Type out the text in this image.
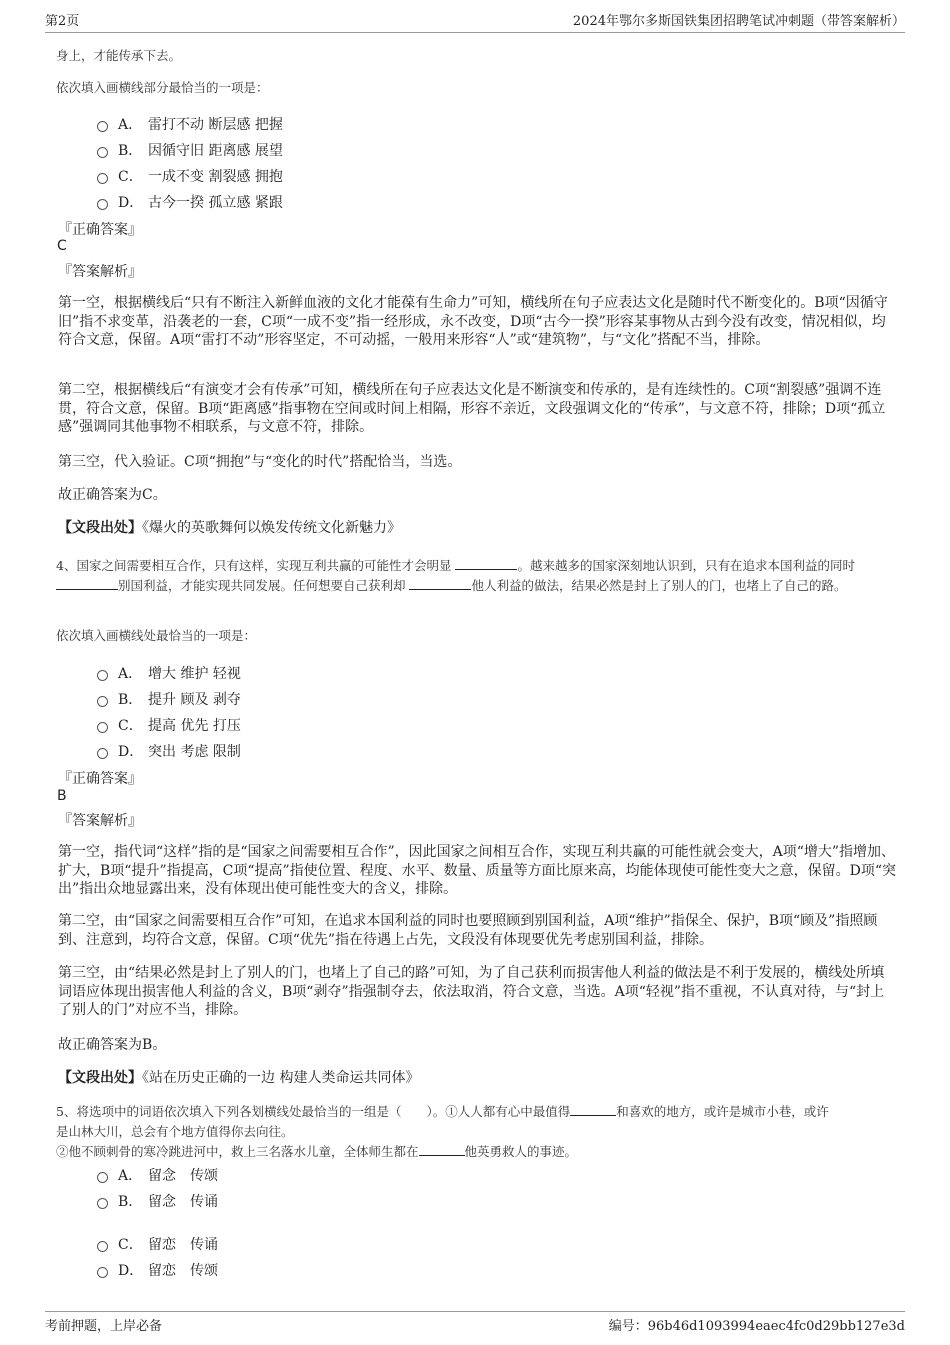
第2页	2024年鄂尔多斯国铁集团招聘笔试冲刺题（带答案解析）
身上，才能传承下去。
依次填入画横线部分最恰当的一项是：
A． 雷打不动 断层感 把握
B． 因循守旧 距离感 展望
C． 一成不变 割裂感 拥抱
D． 古今一揆 孤立感 紧跟
『正确答案』
C
『答案解析』
第一空，根据横线后“只有不断注入新鲜血液的文化才能葆有生命力”可知，横线所在句子应表达文化是随时代不断变化的。B项“因循守旧”指不求变革，沿袭老的一套，C项“一成不变”指一经形成，永不改变，D项“古今一揆”形容某事物从古到今没有改变，情况相似，均符合文意，保留。A项“雷打不动”形容坚定，不可动摇，一般用来形容“人”或“建筑物”，与“文化”搭配不当，排除。
第二空，根据横线后“有演变才会有传承”可知，横线所在句子应表达文化是不断演变和传承的，是有连续性的。C项“割裂感”强调不连贯，符合文意，保留。B项“距离感”指事物在空间或时间上相隔，形容不亲近，文段强调文化的“传承”，与文意不符，排除；D项“孤立感”强调同其他事物不相联系，与文意不符，排除。
第三空，代入验证。C项“拥抱”与“变化的时代”搭配恰当，当选。
故正确答案为C。
【文段出处】《爆火的英歌舞何以焕发传统文化新魅力》
4、国家之间需要相互合作，只有这样，实现互利共赢的可能性才会明显	。越来越多的国家深刻地认识到，只有在追求本国利益的同时 别国利益，才能实现共同发展。任何想要自己获利却	他人利益的做法，结果必然是封上了别人的门，也堵上了自己的路。
依次填入画横线处最恰当的一项是：
A． 增大 维护 轻视
B． 提升 顾及 剥夺
C． 提高 优先 打压
D． 突出 考虑 限制
『正确答案』
B
『答案解析』
第一空，指代词“这样”指的是“国家之间需要相互合作”，因此国家之间相互合作，实现互利共赢的可能性就会变大，A项“增大”指增加、扩大，B项“提升”指提高，C项“提高”指使位置、程度、水平、数量、质量等方面比原来高，均能体现使可能性变大之意，保留。D项“突出”指出众地显露出来，没有体现出使可能性变大的含义，排除。
第二空，由“国家之间需要相互合作”可知，在追求本国利益的同时也要照顾到别国利益，A项“维护”指保全、保护，B项“顾及”指照顾到、注意到，均符合文意，保留。C项“优先”指在待遇上占先，文段没有体现要优先考虑别国利益，排除。
第三空，由“结果必然是封上了别人的门，也堵上了自己的路”可知，为了自己获利而损害他人利益的做法是不利于发展的，横线处所填词语应体现出损害他人利益的含义，B项“剥夺”指强制夺去，依法取消，符合文意，当选。A项“轻视”指不重视，不认真对待，与“封上了别人的门”对应不当，排除。
故正确答案为B。
【文段出处】《站在历史正确的一边 构建人类命运共同体》
5、将选项中的词语依次填入下列各划横线处最恰当的一组是（　　）。①人人都有心中最值得	和喜欢的地方，或许是城市小巷，或许
是山林大川，总会有个地方值得你去向往。
②他不顾刺骨的寒冷跳进河中，救上三名落水儿童，全体师生都在	他英勇救人的事迹。
A． 留念　传颂
B． 留念　传诵
C． 留恋　传诵
D． 留恋　传颂
考前押题，上岸必备	编号：96b46d1093994eaec4fc0d29bb127e3d
